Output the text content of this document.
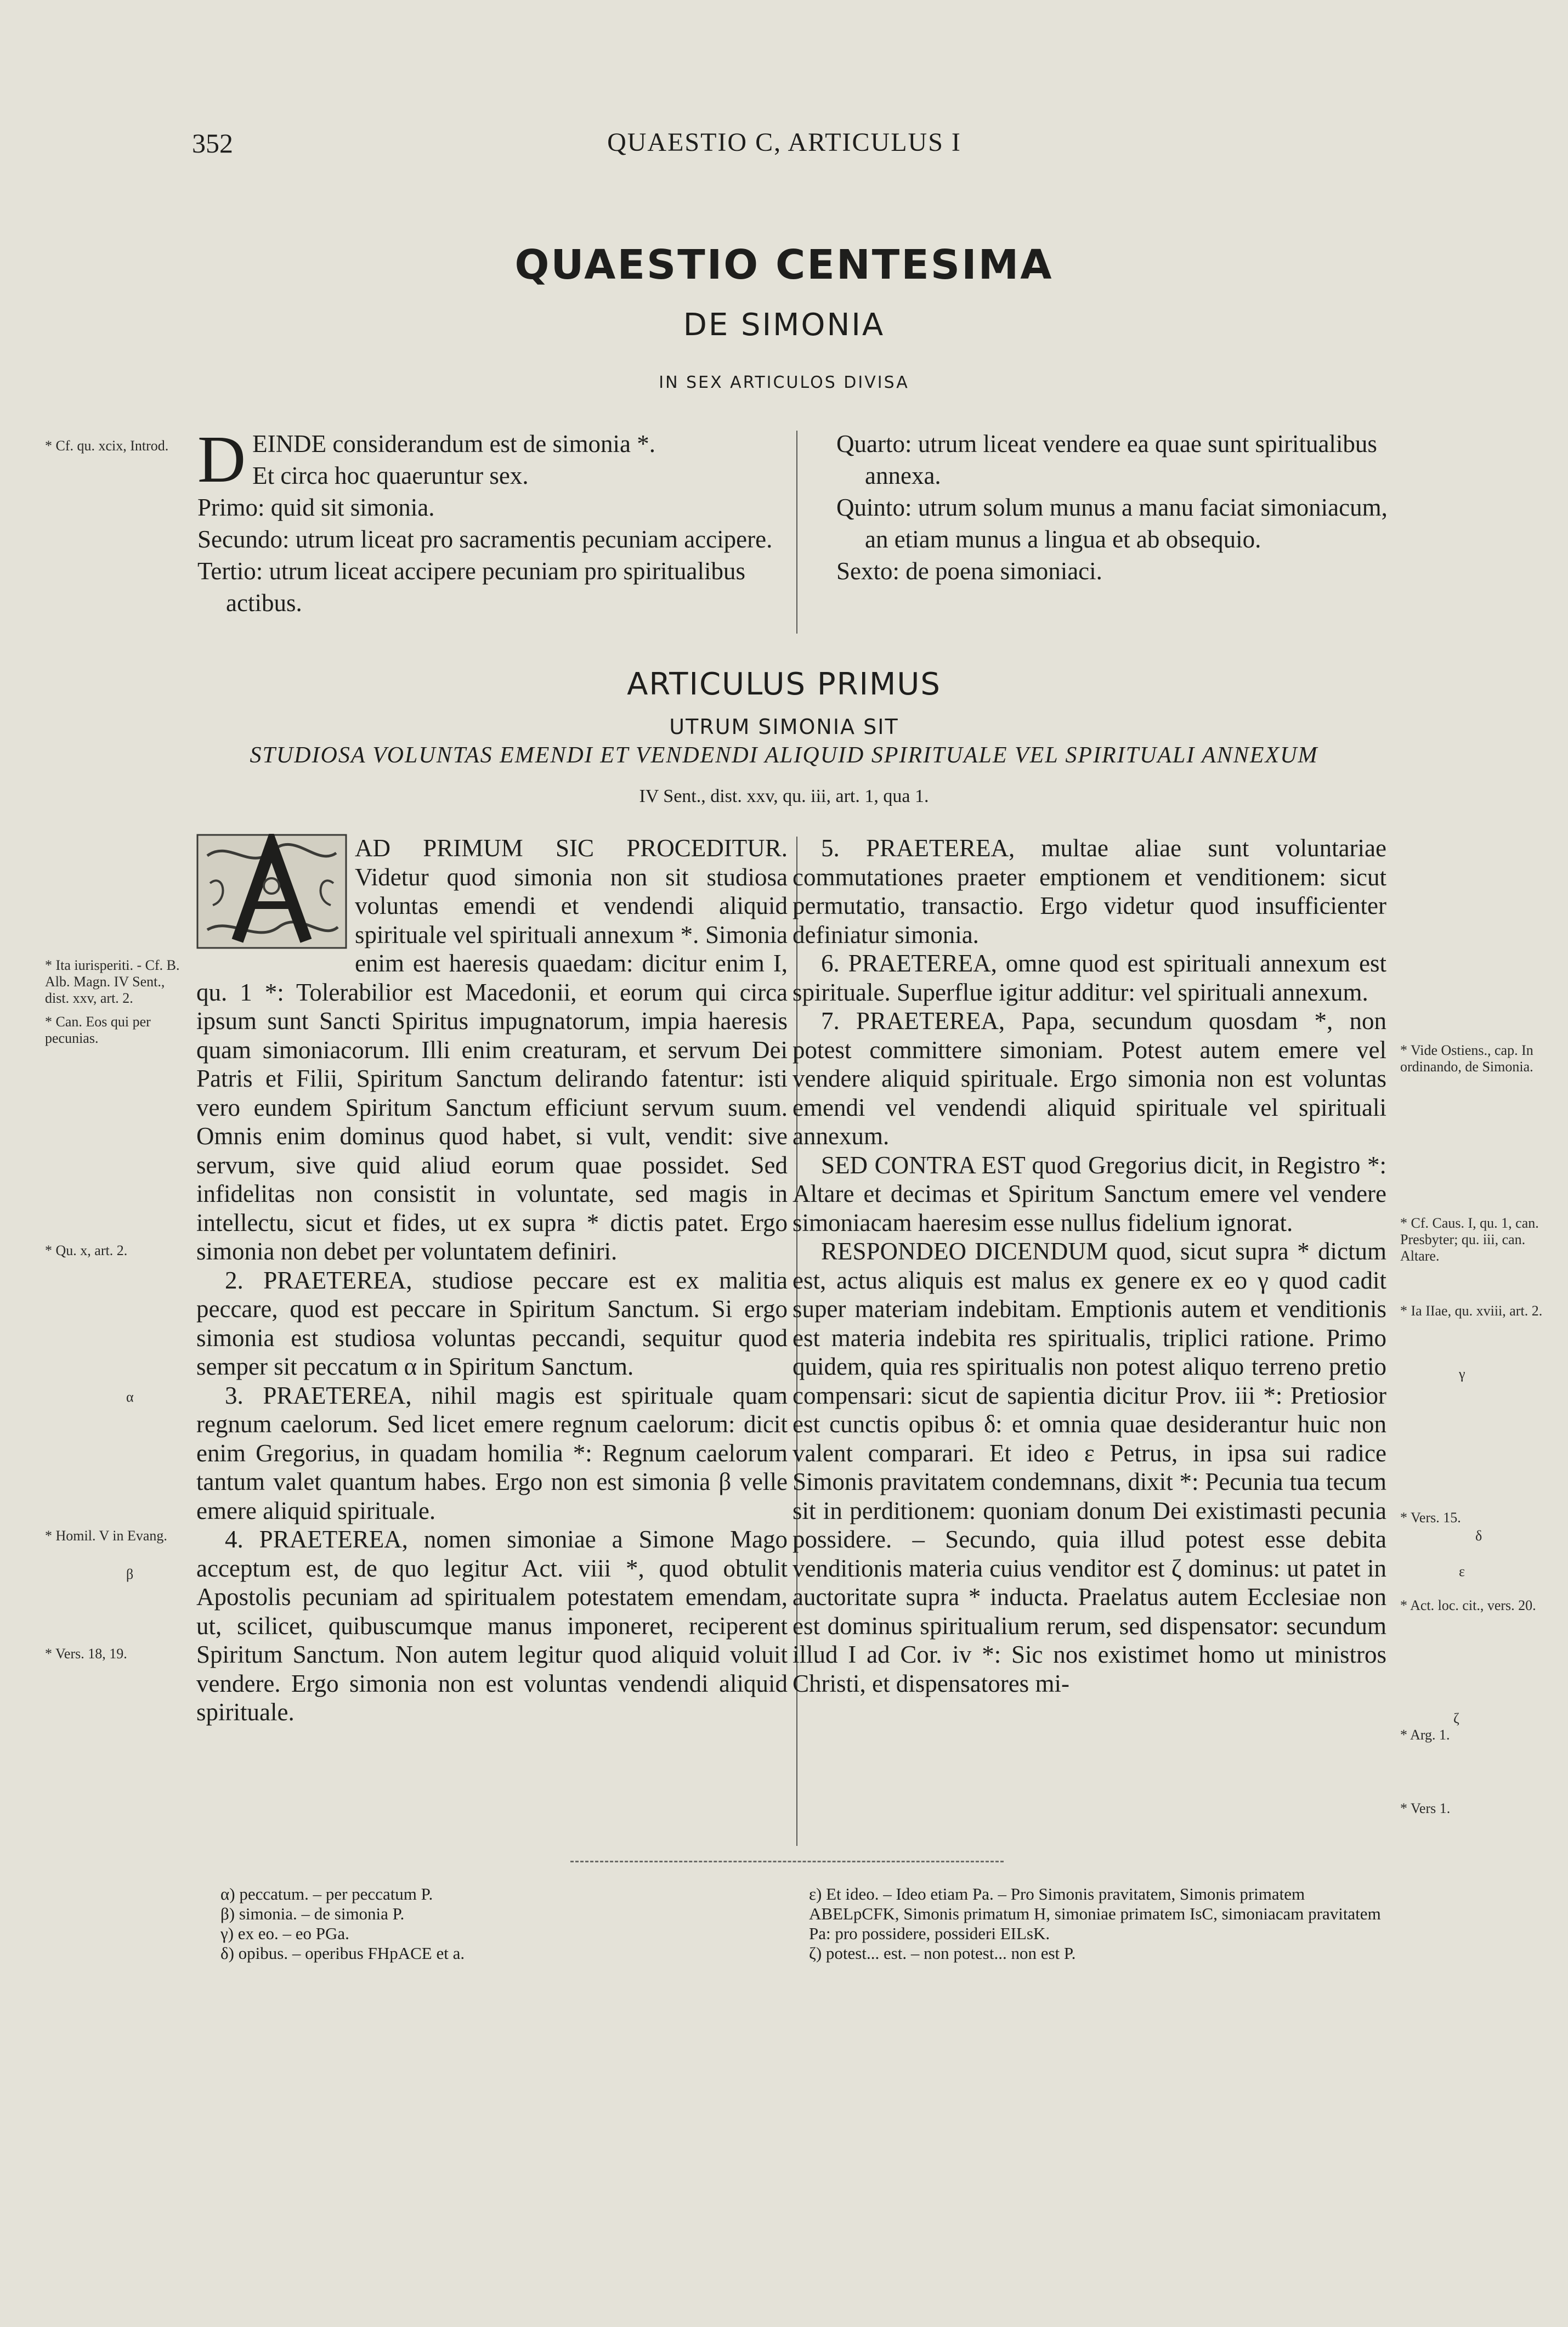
352	QUAESTIO C, ARTICULUS I
QUAESTIO CENTESIMA
DE SIMONIA
IN SEX ARTICULOS DIVISA
* Cf. qu. xcix, Introd. D EINDE considerandum est de simonia *.
Et circa hoc quaeruntur sex.

Primo: quid sit simonia.

Secundo: utrum liceat pro sacramentis pecuniam accipere.

Tertio: utrum liceat accipere pecuniam pro spiritualibus actibus.

Quarto: utrum liceat vendere ea quae sunt spiritualibus annexa.

Quinto: utrum solum munus a manu faciat simoniacum, an etiam munus a lingua et ab obsequio.

Sexto: de poena simoniaci.

ARTICULUS PRIMUS
UTRUM SIMONIA SIT
STUDIOSA VOLUNTAS EMENDI ET VENDENDI ALIQUID SPIRITUALE VEL SPIRITUALI ANNEXUM
IV Sent., dist. xxv, qu. iii, art. 1, qua 1.
* Ita iurisperiti. - Cf. B. Alb. Magn. IV Sent., dist. xxv, art. 2.
* Can. Eos qui per pecunias.
* Qu. x, art. 2.
α
* Homil. V in Evang.
β
* Vers. 18, 19.

AD PRIMUM SIC PROCEDITUR. Videtur quod simonia non sit studiosa voluntas emendi et vendendi aliquid spirituale vel spirituali annexum *. Simonia enim est haeresis quaedam: dicitur enim I, qu. 1 *: Tolerabilior est Macedonii, et eorum qui circa ipsum sunt Sancti Spiritus impugnatorum, impia haeresis quam simoniacorum. Illi enim creaturam, et servum Dei Patris et Filii, Spiritum Sanctum delirando fatentur: isti vero eundem Spiritum Sanctum efficiunt servum suum. Omnis enim dominus quod habet, si vult, vendit: sive servum, sive quid aliud eorum quae possidet. Sed infidelitas non consistit in voluntate, sed magis in intellectu, sicut et fides, ut ex supra * dictis patet. Ergo simonia non debet per voluntatem definiri.

2. PRAETEREA, studiose peccare est ex malitia peccare, quod est peccare in Spiritum Sanctum. Si ergo simonia est studiosa voluntas peccandi, sequitur quod semper sit peccatum α in Spiritum Sanctum.

3. PRAETEREA, nihil magis est spirituale quam regnum caelorum. Sed licet emere regnum caelorum: dicit enim Gregorius, in quadam homilia *: Regnum caelorum tantum valet quantum habes. Ergo non est simonia β velle emere aliquid spirituale.

4. PRAETEREA, nomen simoniae a Simone Mago acceptum est, de quo legitur Act. viii *, quod obtulit Apostolis pecuniam ad spiritualem potestatem emendam, ut, scilicet, quibuscumque manus imponeret, reciperent Spiritum Sanctum. Non autem legitur quod aliquid voluit vendere. Ergo simonia non est voluntas vendendi aliquid spirituale.

5. PRAETEREA, multae aliae sunt voluntariae commutationes praeter emptionem et venditionem: sicut permutatio, transactio. Ergo videtur quod insufficienter definiatur simonia.

6. PRAETEREA, omne quod est spirituali annexum est spirituale. Superflue igitur additur: vel spirituali annexum.

7. PRAETEREA, Papa, secundum quosdam *, non potest committere simoniam. Potest autem emere vel vendere aliquid spirituale. Ergo simonia non est voluntas emendi vel vendendi aliquid spirituale vel spirituali annexum.

SED CONTRA EST quod Gregorius dicit, in Registro *: Altare et decimas et Spiritum Sanctum emere vel vendere simoniacam haeresim esse nullus fidelium ignorat.

RESPONDEO DICENDUM quod, sicut supra * dictum est, actus aliquis est malus ex genere ex eo γ quod cadit super materiam indebitam. Emptionis autem et venditionis est materia indebita res spiritualis, triplici ratione. Primo quidem, quia res spiritualis non potest aliquo terreno pretio compensari: sicut de sapientia dicitur Prov. iii *: Pretiosior est cunctis opibus δ: et omnia quae desiderantur huic non valent comparari. Et ideo ε Petrus, in ipsa sui radice Simonis pravitatem condemnans, dixit *: Pecunia tua tecum sit in perditionem: quoniam donum Dei existimasti pecunia possidere. – Secundo, quia illud potest esse debita venditionis materia cuius venditor est ζ dominus: ut patet in auctoritate supra * inducta. Praelatus autem Ecclesiae non est dominus spiritualium rerum, sed dispensator: secundum illud I ad Cor. iv *: Sic nos existimet homo ut ministros Christi, et dispensatores mi-

* Vide Ostiens., cap. In ordinando, de Simonia.
* Cf. Caus. I, qu. 1, can. Presbyter; qu. iii, can. Altare.
* Ia IIae, qu. xviii, art. 2.
γ
* Vers. 15.
δ
ε
* Act. loc. cit., vers. 20.
ζ
* Arg. 1.
* Vers 1.
α) peccatum. – per peccatum P.
β) simonia. – de simonia P.
γ) ex eo. – eo PGa.
δ) opibus. – operibus FHpACE et a.
ε) Et ideo. – Ideo etiam Pa. – Pro Simonis pravitatem, Simonis primatem ABELpCFK, Simonis primatum H, simoniae primatem IsC, simoniacam pravitatem Pa: pro possidere, possideri EILsK.
ζ) potest... est. – non potest... non est P.
